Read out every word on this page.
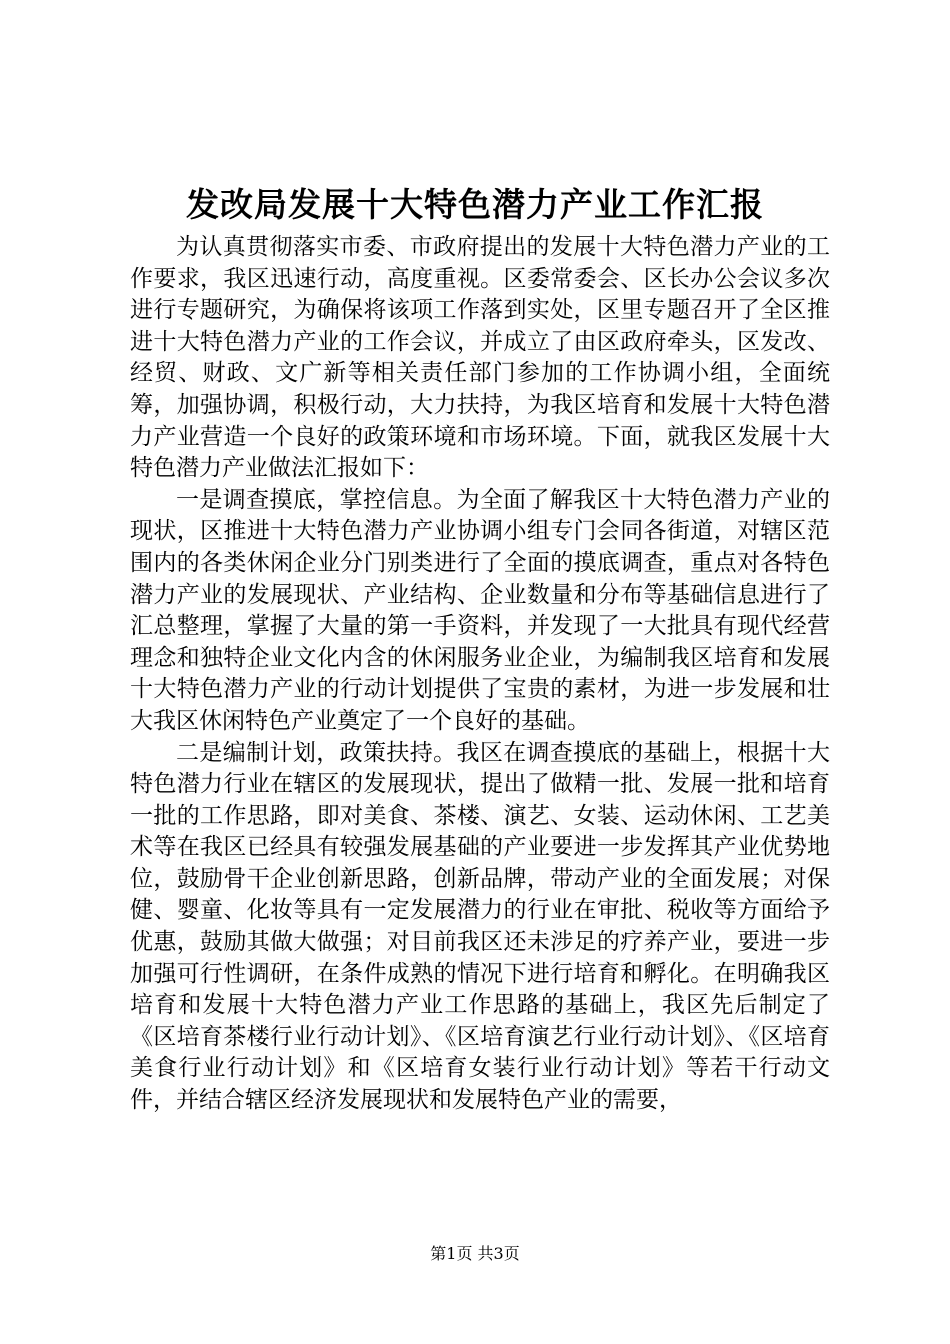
发改局发展十大特色潜力产业工作汇报

为认真贯彻落实市委、市政府提出的发展十大特色潜力产业的工作要求，我区迅速行动，高度重视。区委常委会、区长办公会议多次进行专题研究，为确保将该项工作落到实处，区里专题召开了全区推进十大特色潜力产业的工作会议，并成立了由区政府牵头，区发改、经贸、财政、文广新等相关责任部门参加的工作协调小组，全面统筹，加强协调，积极行动，大力扶持，为我区培育和发展十大特色潜力产业营造一个良好的政策环境和市场环境。下面，就我区发展十大特色潜力产业做法汇报如下：

一是调查摸底，掌控信息。为全面了解我区十大特色潜力产业的现状，区推进十大特色潜力产业协调小组专门会同各街道，对辖区范围内的各类休闲企业分门别类进行了全面的摸底调查，重点对各特色潜力产业的发展现状、产业结构、企业数量和分布等基础信息进行了汇总整理，掌握了大量的第一手资料，并发现了一大批具有现代经营理念和独特企业文化内含的休闲服务业企业，为编制我区培育和发展十大特色潜力产业的行动计划提供了宝贵的素材，为进一步发展和壮大我区休闲特色产业奠定了一个良好的基础。

二是编制计划，政策扶持。我区在调查摸底的基础上，根据十大特色潜力行业在辖区的发展现状，提出了做精一批、发展一批和培育一批的工作思路，即对美食、茶楼、演艺、女装、运动休闲、工艺美术等在我区已经具有较强发展基础的产业要进一步发挥其产业优势地位，鼓励骨干企业创新思路，创新品牌，带动产业的全面发展；对保健、婴童、化妆等具有一定发展潜力的行业在审批、税收等方面给予优惠，鼓励其做大做强；对目前我区还未涉足的疗养产业，要进一步加强可行性调研，在条件成熟的情况下进行培育和孵化。在明确我区培育和发展十大特色潜力产业工作思路的基础上，我区先后制定了《区培育茶楼行业行动计划》、《区培育演艺行业行动计划》、《区培育美食行业行动计划》和《区培育女装行业行动计划》等若干行动文件，并结合辖区经济发展现状和发展特色产业的需要，

第1页 共3页
